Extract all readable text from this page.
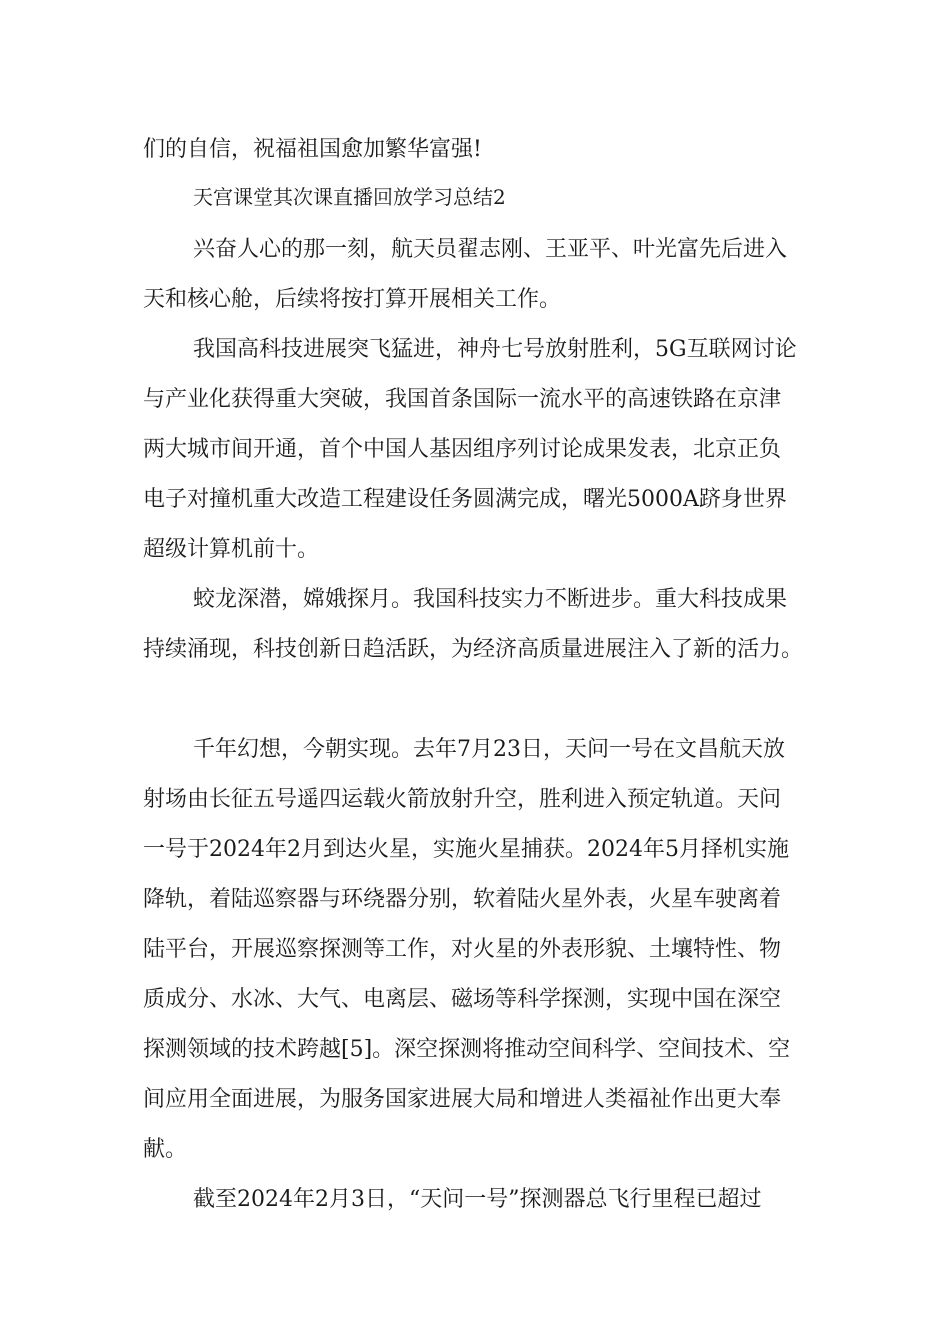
们的自信，祝福祖国愈加繁华富强!
天宫课堂其次课直播回放学习总结2
兴奋人心的那一刻，航天员翟志刚、王亚平、叶光富先后进入
天和核心舱，后续将按打算开展相关工作。
我国高科技进展突飞猛进，神舟七号放射胜利，5G互联网讨论
与产业化获得重大突破，我国首条国际一流水平的高速铁路在京津
两大城市间开通，首个中国人基因组序列讨论成果发表，北京正负
电子对撞机重大改造工程建设任务圆满完成，曙光5000A跻身世界
超级计算机前十。
蛟龙深潜，嫦娥探月。我国科技实力不断进步。重大科技成果
持续涌现，科技创新日趋活跃，为经济高质量进展注入了新的活力。
千年幻想，今朝实现。去年7月23日，天问一号在文昌航天放
射场由长征五号遥四运载火箭放射升空，胜利进入预定轨道。天问
一号于2024年2月到达火星，实施火星捕获。2024年5月择机实施
降轨，着陆巡察器与环绕器分别，软着陆火星外表，火星车驶离着
陆平台，开展巡察探测等工作，对火星的外表形貌、土壤特性、物
质成分、水冰、大气、电离层、磁场等科学探测，实现中国在深空
探测领域的技术跨越[5]。深空探测将推动空间科学、空间技术、空
间应用全面进展，为服务国家进展大局和增进人类福祉作出更大奉
献。
截至2024年2月3日，“天问一号”探测器总飞行里程已超过
